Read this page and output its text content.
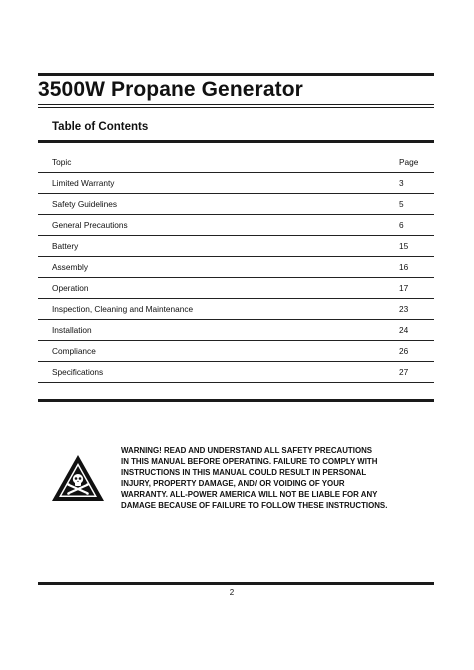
3500W Propane Generator
Table of Contents
Topic	Page
Limited Warranty	3
Safety Guidelines	5
General Precautions	6
Battery	15
Assembly	16
Operation	17
Inspection, Cleaning and Maintenance	23
Installation	24
Compliance	26
Specifications	27
WARNING! READ AND UNDERSTAND ALL SAFETY PRECAUTIONS
IN THIS MANUAL BEFORE OPERATING. FAILURE TO COMPLY WITH
INSTRUCTIONS IN THIS MANUAL COULD RESULT IN PERSONAL
INJURY, PROPERTY DAMAGE, AND/ OR VOIDING OF YOUR
WARRANTY. ALL-POWER AMERICA WILL NOT BE LIABLE FOR ANY
DAMAGE BECAUSE OF FAILURE TO FOLLOW THESE INSTRUCTIONS.
2
